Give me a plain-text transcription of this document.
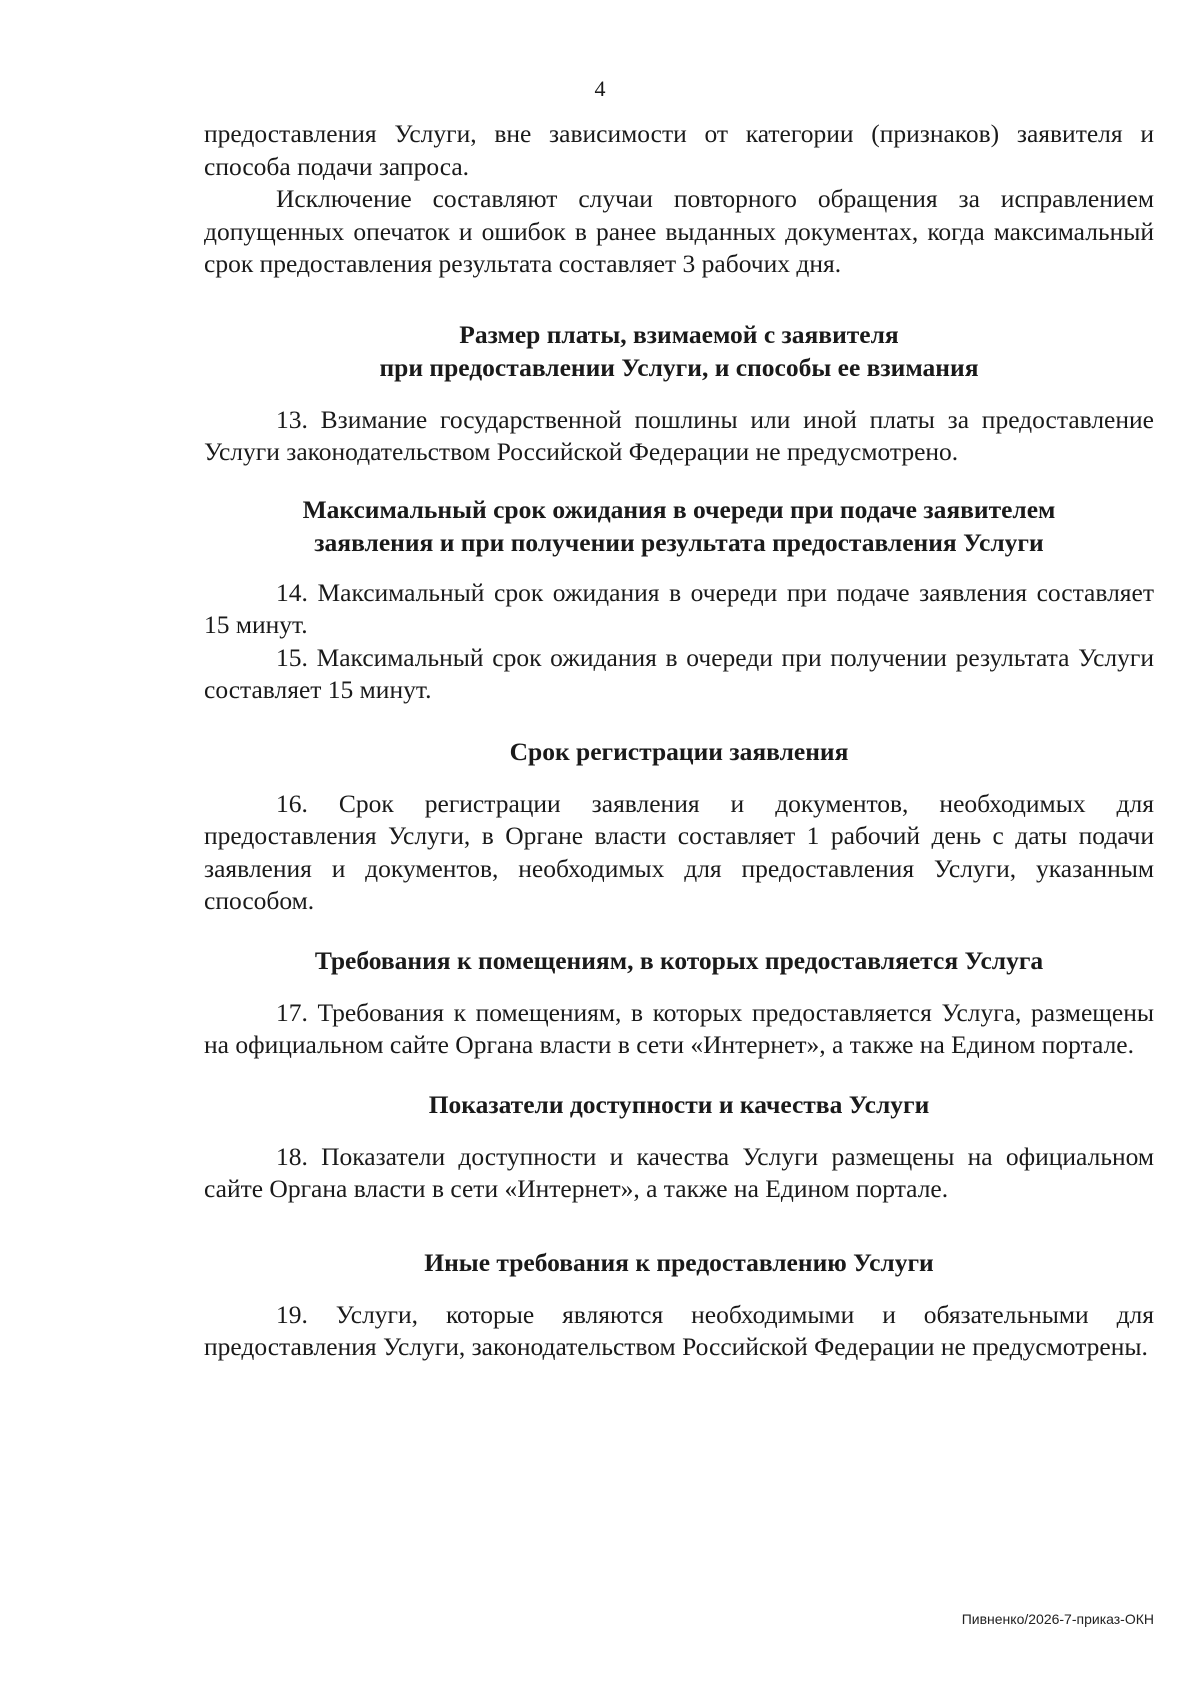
4

предоставления Услуги, вне зависимости от категории (признаков) заявителя и способа подачи запроса.

Исключение составляют случаи повторного обращения за исправлением допущенных опечаток и ошибок в ранее выданных документах, когда максимальный срок предоставления результата составляет 3 рабочих дня.

Размер платы, взимаемой с заявителя
при предоставлении Услуги, и способы ее взимания

13. Взимание государственной пошлины или иной платы за предоставление Услуги законодательством Российской Федерации не предусмотрено.

Максимальный срок ожидания в очереди при подаче заявителем
заявления и при получении результата предоставления Услуги

14. Максимальный срок ожидания в очереди при подаче заявления составляет 15 минут.

15. Максимальный срок ожидания в очереди при получении результата Услуги составляет 15 минут.

Срок регистрации заявления

16. Срок регистрации заявления и документов, необходимых для предоставления Услуги, в Органе власти составляет 1 рабочий день с даты подачи заявления и документов, необходимых для предоставления Услуги, указанным способом.

Требования к помещениям, в которых предоставляется Услуга

17. Требования к помещениям, в которых предоставляется Услуга, размещены на официальном сайте Органа власти в сети «Интернет», а также на Едином портале.

Показатели доступности и качества Услуги

18. Показатели доступности и качества Услуги размещены на официальном сайте Органа власти в сети «Интернет», а также на Едином портале.

Иные требования к предоставлению Услуги

19. Услуги, которые являются необходимыми и обязательными для предоставления Услуги, законодательством Российской Федерации не предусмотрены.

Пивненко/2026-7-приказ-ОКН
